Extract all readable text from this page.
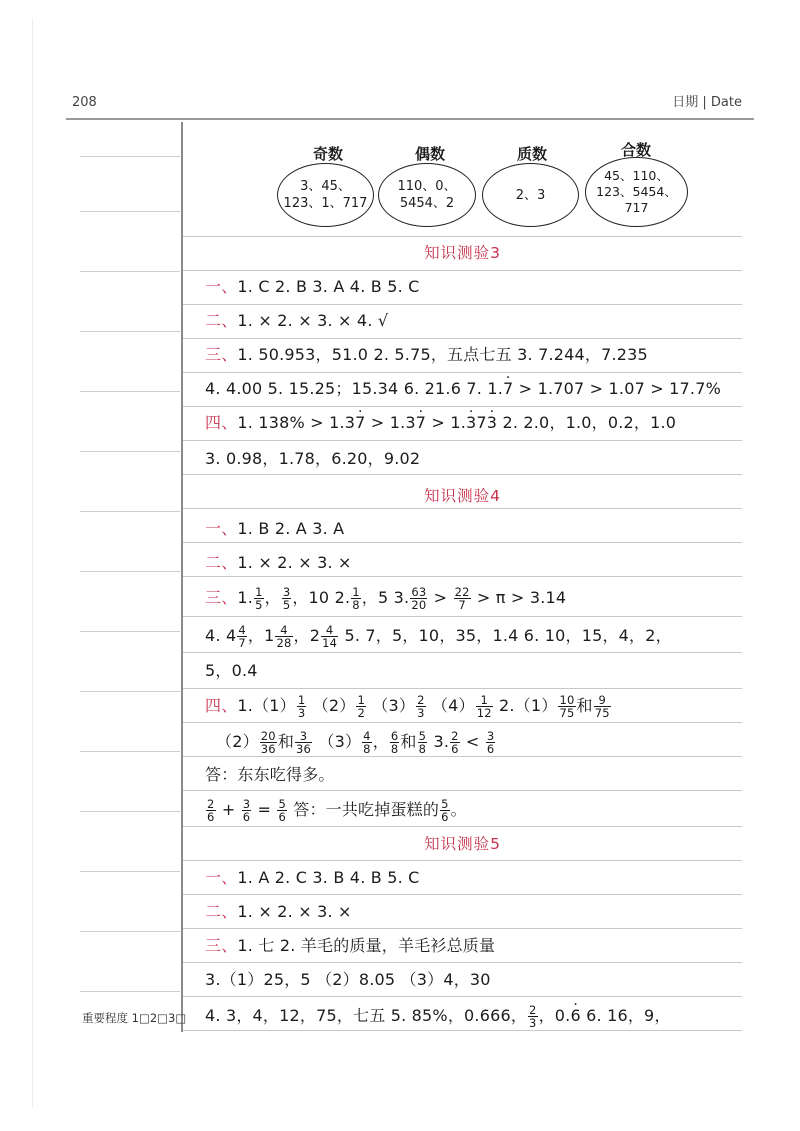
208	日期 | Date
重要程度 1□2□3□
奇数
3、45、
123、1、717
偶数
110、0、
5454、2
质数
2、3
合数
45、110、
123、5454、
717
知识测验3
一、1. C 2. B 3. A 4. B 5. C
二、1. × 2. × 3. × 4. √
三、1. 50.953，51.0 2. 5.75，五点七五 3. 7.244，7.235
4. 4.00 5. 15.25；15.34 6. 21.6 7. 1.· 7 > 1.707 > 1.07 > 17.7%
四、1. 138% > 1.3· 7 > 1.3· 7 > 1.· 37· 3 2. 2.0，1.0，0.2，1.0
3. 0.98，1.78，6.20，9.02
知识测验4
一、1. B 2. A 3. A
二、1. × 2. × 3. ×
三、1. $\frac{1}{5}$ ， $\frac{3}{5}$ ，10 2. $\frac{1}{8}$ ，5 3. $\frac{63}{20} > \frac{22}{7} > \pi > 3.14$
4. $4 \frac{4}{7}$ ，$1 \frac{4}{28}$ ，$2 \frac{4}{14} 5$. 7，5，10，35，1.4 6. 10，15，4，2，
5，0.4
四、$1.(1) \frac{1}{3} (2) \frac{1}{2} (3) \frac{2}{3} (4) \frac{1}{12} 2.(1) \frac{10}{75}$ 和 $\frac{9}{75}$
$(2) \frac{20}{36}$ 和 $\frac{3}{36} (3) \frac{4}{8}$ ， $\frac{6}{8}$ 和 $\frac{5}{8} 3$. $\frac{2}{6} < \frac{3}{6}$
答：东东吃得多。
$\frac{2}{6} + \frac{3}{6} = \frac{5}{6}$ 答：一共吃掉蛋糕的 $\frac{5}{6}$ 。
知识测验5
一、1. A 2. C 3. B 4. B 5. C
二、1. × 2. × 3. ×
三、1. 七 2. 羊毛的质量，羊毛衫总质量
3.（1）25，5 （2）8.05 （3）4，30
4. 3，4，12，75，七五 5. 85%，0.666， $\frac{2}{3}$ ，0.· 6 6. 16，9，
